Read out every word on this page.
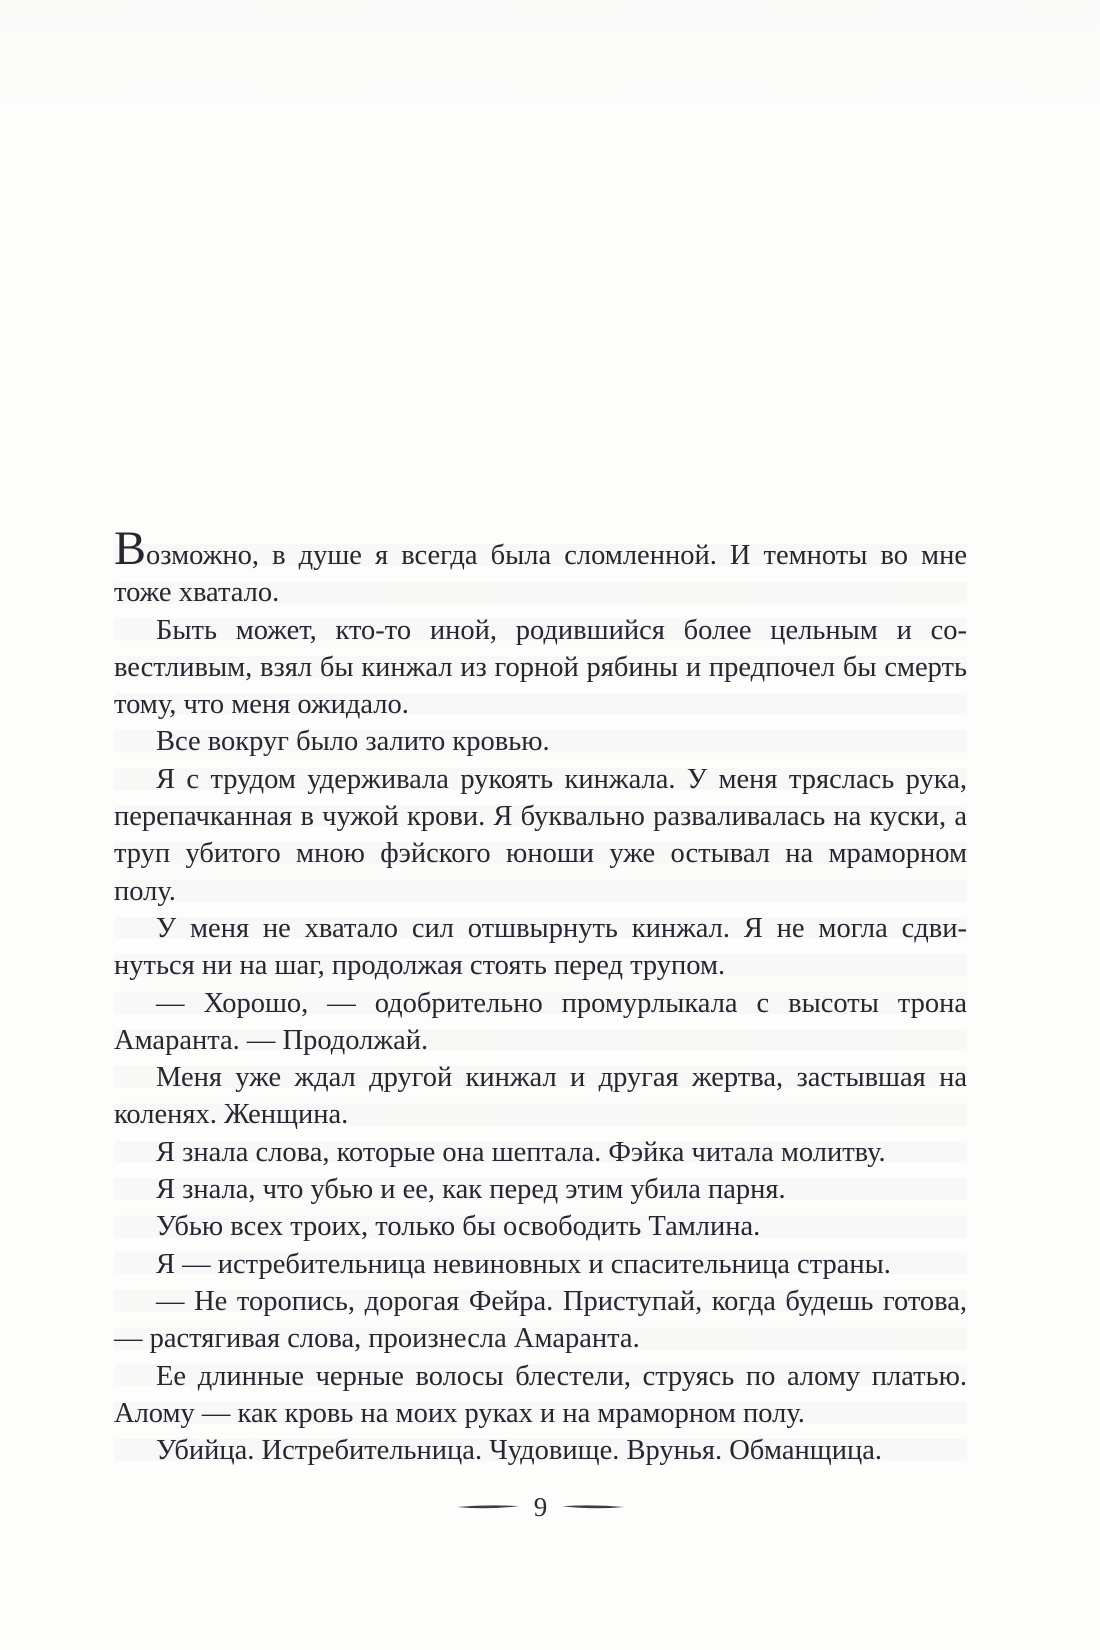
Возможно, в душе я всегда была сломленной. И темноты во мне тоже хватало.

Быть может, кто-то иной, родившийся более цельным и совестливым, взял бы кинжал из горной рябины и предпочел бы смерть тому, что меня ожидало.

Все вокруг было залито кровью.

Я с трудом удерживала рукоять кинжала. У меня тряслась рука, перепачканная в чужой крови. Я буквально разваливалась на куски, а труп убитого мною фэйского юноши уже остывал на мраморном полу.

У меня не хватало сил отшвырнуть кинжал. Я не могла сдвинуться ни на шаг, продолжая стоять перед трупом.

— Хорошо, — одобрительно промурлыкала с высоты трона Амаранта. — Продолжай.

Меня уже ждал другой кинжал и другая жертва, застывшая на коленях. Женщина.

Я знала слова, которые она шептала. Фэйка читала молитву.

Я знала, что убью и ее, как перед этим убила парня.

Убью всех троих, только бы освободить Тамлина.

Я — истребительница невиновных и спасительница страны.

— Не торопись, дорогая Фейра. Приступай, когда будешь готова, — растягивая слова, произнесла Амаранта.

Ее длинные черные волосы блестели, струясь по алому платью. Алому — как кровь на моих руках и на мраморном полу.

Убийца. Истребительница. Чудовище. Врунья. Обманщица.

9
